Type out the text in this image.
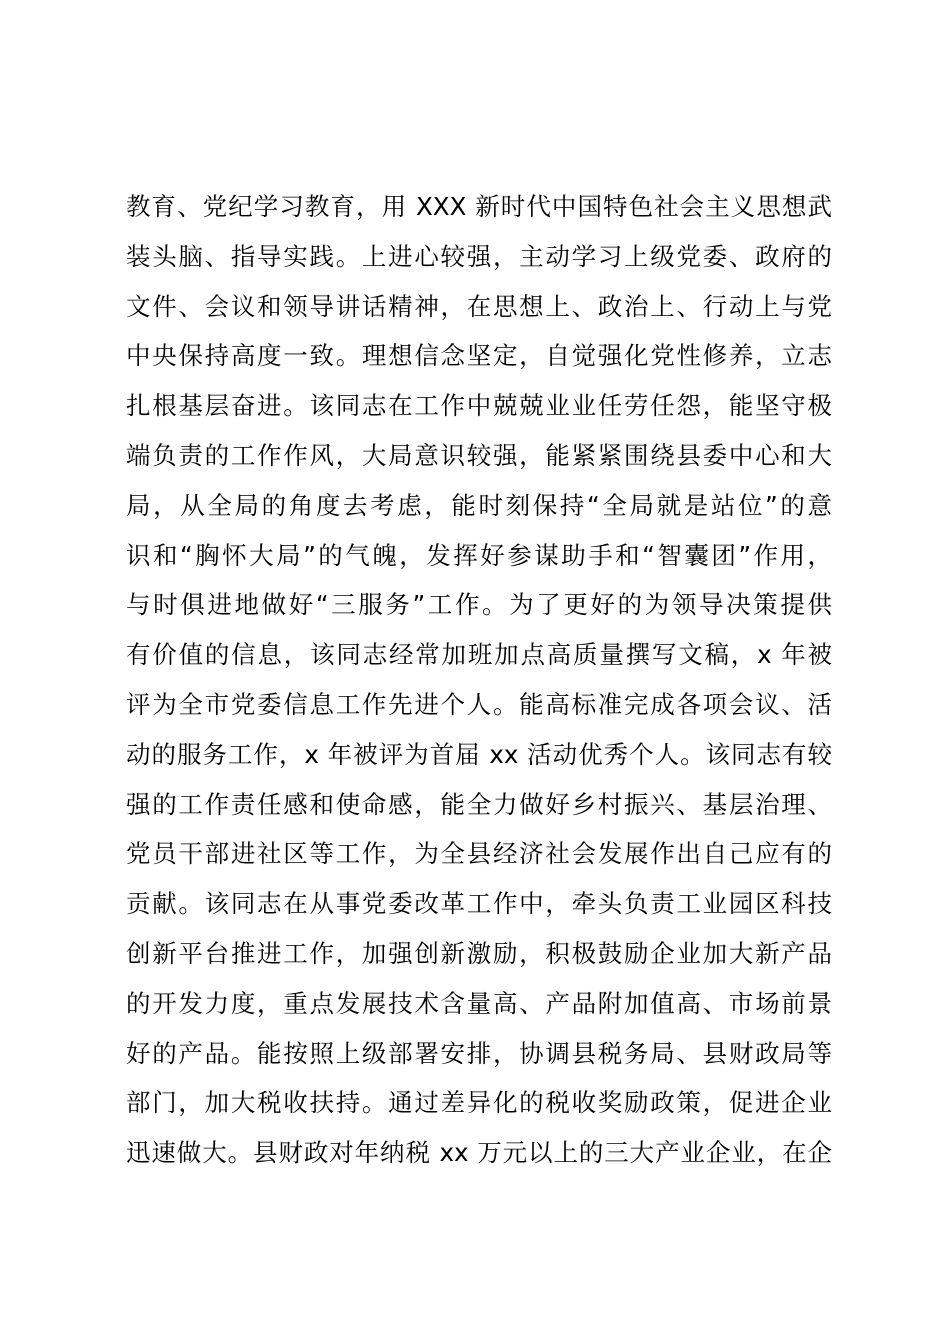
教育、党纪学习教育，用 XXX 新时代中国特色社会主义思想武
装头脑、指导实践。上进心较强，主动学习上级党委、政府的
文件、会议和领导讲话精神，在思想上、政治上、行动上与党
中央保持高度一致。理想信念坚定，自觉强化党性修养，立志
扎根基层奋进。该同志在工作中兢兢业业任劳任怨，能坚守极
端负责的工作作风，大局意识较强，能紧紧围绕县委中心和大
局，从全局的角度去考虑，能时刻保持“全局就是站位”的意
识和“胸怀大局”的气魄，发挥好参谋助手和“智囊团”作用，
与时俱进地做好“三服务”工作。为了更好的为领导决策提供
有价值的信息，该同志经常加班加点高质量撰写文稿，x 年被
评为全市党委信息工作先进个人。能高标准完成各项会议、活
动的服务工作，x 年被评为首届 xx 活动优秀个人。该同志有较
强的工作责任感和使命感，能全力做好乡村振兴、基层治理、
党员干部进社区等工作，为全县经济社会发展作出自己应有的
贡献。该同志在从事党委改革工作中，牵头负责工业园区科技
创新平台推进工作，加强创新激励，积极鼓励企业加大新产品
的开发力度，重点发展技术含量高、产品附加值高、市场前景
好的产品。能按照上级部署安排，协调县税务局、县财政局等
部门，加大税收扶持。通过差异化的税收奖励政策，促进企业
迅速做大。县财政对年纳税 xx 万元以上的三大产业企业，在企
